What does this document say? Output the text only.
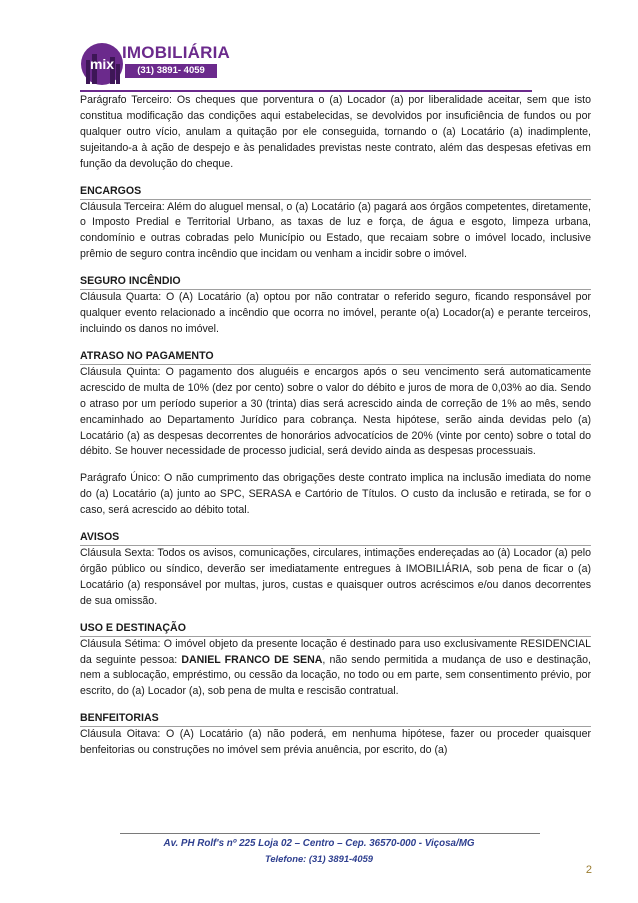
mix
IMOBILIÁRIA
(31) 3891- 4059

Parágrafo Terceiro: Os cheques que porventura o (a) Locador (a) por liberalidade aceitar, sem que isto constitua modificação das condições aqui estabelecidas, se devolvidos por insuficiência de fundos ou por qualquer outro vício, anulam a quitação por ele conseguida, tornando o (a) Locatário (a) inadimplente, sujeitando-a à ação de despejo e às penalidades previstas neste contrato, além das despesas efetivas em função da devolução do cheque.

ENCARGOS

Cláusula Terceira: Além do aluguel mensal, o (a) Locatário (a) pagará aos órgãos competentes, diretamente, o Imposto Predial e Territorial Urbano, as taxas de luz e força, de água e esgoto, limpeza urbana, condomínio e outras cobradas pelo Município ou Estado, que recaiam sobre o imóvel locado, inclusive prêmio de seguro contra incêndio que incidam ou venham a incidir sobre o imóvel.

SEGURO INCÊNDIO

Cláusula Quarta: O (A) Locatário (a) optou por não contratar o referido seguro, ficando responsável por qualquer evento relacionado a incêndio que ocorra no imóvel, perante o(a) Locador(a) e perante terceiros, incluindo os danos no imóvel.

ATRASO NO PAGAMENTO

Cláusula Quinta: O pagamento dos aluguéis e encargos após o seu vencimento será automaticamente acrescido de multa de 10% (dez por cento) sobre o valor do débito e juros de mora de 0,03% ao dia. Sendo o atraso por um período superior a 30 (trinta) dias será acrescido ainda de correção de 1% ao mês, sendo encaminhado ao Departamento Jurídico para cobrança. Nesta hipótese, serão ainda devidas pelo (a) Locatário (a) as despesas decorrentes de honorários advocatícios de 20% (vinte por cento) sobre o total do débito. Se houver necessidade de processo judicial, será devido ainda as despesas processuais.

Parágrafo Único: O não cumprimento das obrigações deste contrato implica na inclusão imediata do nome do (a) Locatário (a) junto ao SPC, SERASA e Cartório de Títulos. O custo da inclusão e retirada, se for o caso, será acrescido ao débito total.

AVISOS

Cláusula Sexta: Todos os avisos, comunicações, circulares, intimações endereçadas ao (à) Locador (a) pelo órgão público ou síndico, deverão ser imediatamente entregues à IMOBILIÁRIA, sob pena de ficar o (a) Locatário (a) responsável por multas, juros, custas e quaisquer outros acréscimos e/ou danos decorrentes de sua omissão.

USO E DESTINAÇÃO

Cláusula Sétima: O imóvel objeto da presente locação é destinado para uso exclusivamente RESIDENCIAL da seguinte pessoa: DANIEL FRANCO DE SENA, não sendo permitida a mudança de uso e destinação, nem a sublocação, empréstimo, ou cessão da locação, no todo ou em parte, sem consentimento prévio, por escrito, do (a) Locador (a), sob pena de multa e rescisão contratual.

BENFEITORIAS

Cláusula Oitava: O (A) Locatário (a) não poderá, em nenhuma hipótese, fazer ou proceder quaisquer benfeitorias ou construções no imóvel sem prévia anuência, por escrito, do (a)

Av. PH Rolf's nº 225 Loja 02 – Centro – Cep. 36570-000 - Viçosa/MG
Telefone: (31) 3891-4059
2
